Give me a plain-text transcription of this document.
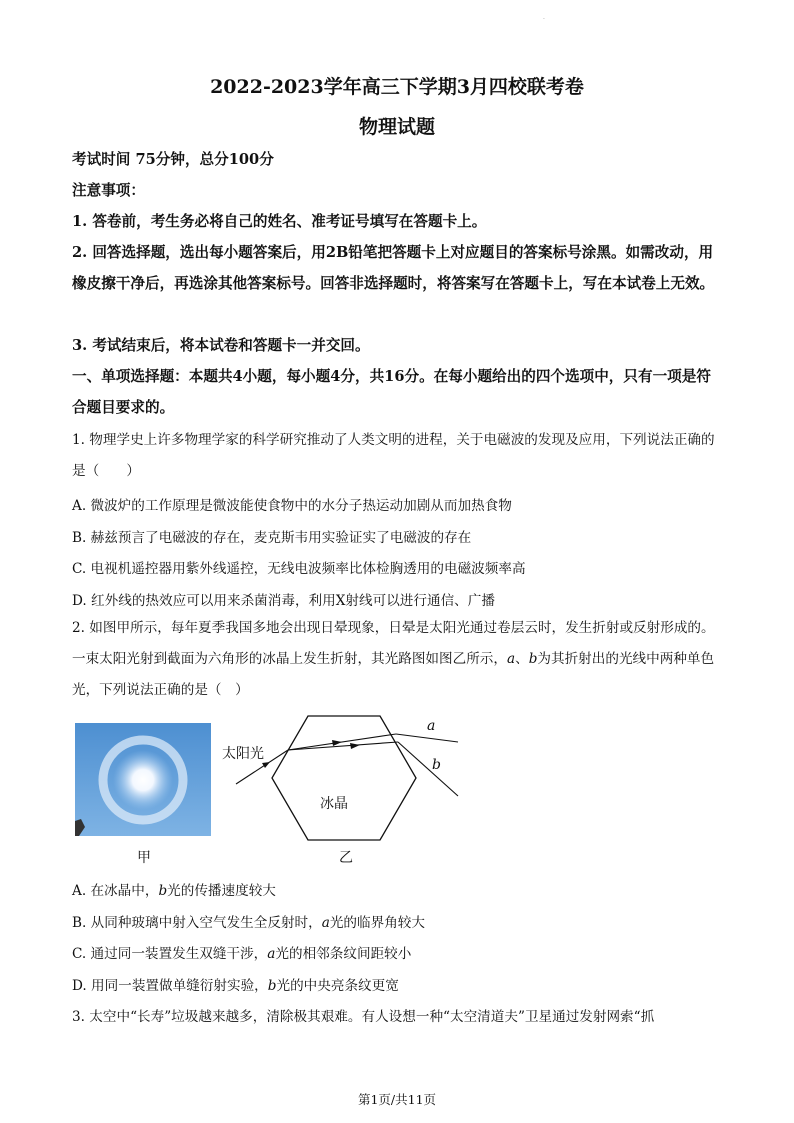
.
2022-2023学年高三下学期3月四校联考卷
物理试题

考试时间 75分钟，总分100分

注意事项：

1. 答卷前，考生务必将自己的姓名、准考证号填写在答题卡上。

2. 回答选择题，选出每小题答案后，用2B铅笔把答题卡上对应题目的答案标号涂黑。如需改动，用橡皮擦干净后，再选涂其他答案标号。回答非选择题时，将答案写在答题卡上，写在本试卷上无效。

3. 考试结束后，将本试卷和答题卡一并交回。

一、单项选择题：本题共4小题，每小题4分，共16分。在每小题给出的四个选项中，只有一项是符合题目要求的。

1. 物理学史上许多物理学家的科学研究推动了人类文明的进程，关于电磁波的发现及应用，下列说法正确的是（　　）

A. 微波炉的工作原理是微波能使食物中的水分子热运动加剧从而加热食物
B. 赫兹预言了电磁波的存在，麦克斯韦用实验证实了电磁波的存在
C. 电视机遥控器用紫外线遥控，无线电波频率比体检胸透用的电磁波频率高
D. 红外线的热效应可以用来杀菌消毒，利用X射线可以进行通信、广播

2. 如图甲所示，每年夏季我国多地会出现日晕现象，日晕是太阳光通过卷层云时，发生折射或反射形成的。一束太阳光射到截面为六角形的冰晶上发生折射，其光路图如图乙所示，a、b为其折射出的光线中两种单色光，下列说法正确的是（　）

太阳光
冰晶
a
b
甲	乙
A. 在冰晶中，b光的传播速度较大
B. 从同种玻璃中射入空气发生全反射时，a光的临界角较大
C. 通过同一装置发生双缝干涉，a光的相邻条纹间距较小
D. 用同一装置做单缝衍射实验，b光的中央亮条纹更宽
3. 太空中“长寿”垃圾越来越多，清除极其艰难。有人设想一种“太空清道夫”卫星通过发射网索“抓
第1页/共11页
